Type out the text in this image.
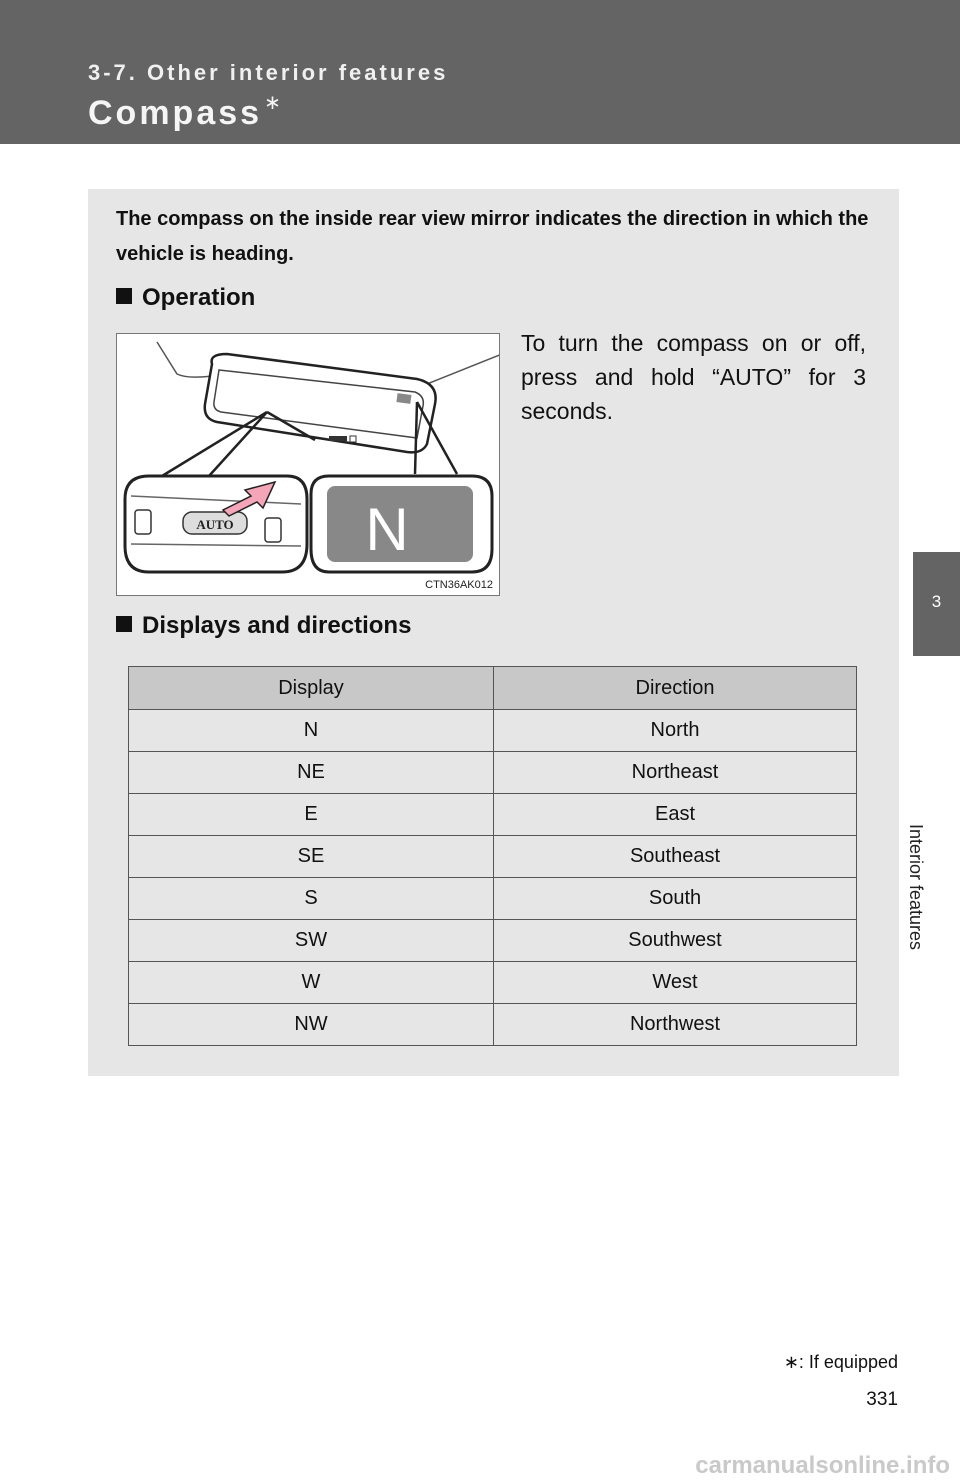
3-7. Other interior features
Compass ∗
3
Interior features
The compass on the inside rear view mirror indicates the direction in which the vehicle is heading.
Operation
AUTO N
CTN36AK012
To turn the compass on or off, press and hold “AUTO” for 3 seconds.
Displays and directions
Display	Direction
N	North
NE	Northeast
E	East
SE	Southeast
S	South
SW	Southwest
W	West
NW	Northwest
∗: If equipped
331
carmanualsonline.info
